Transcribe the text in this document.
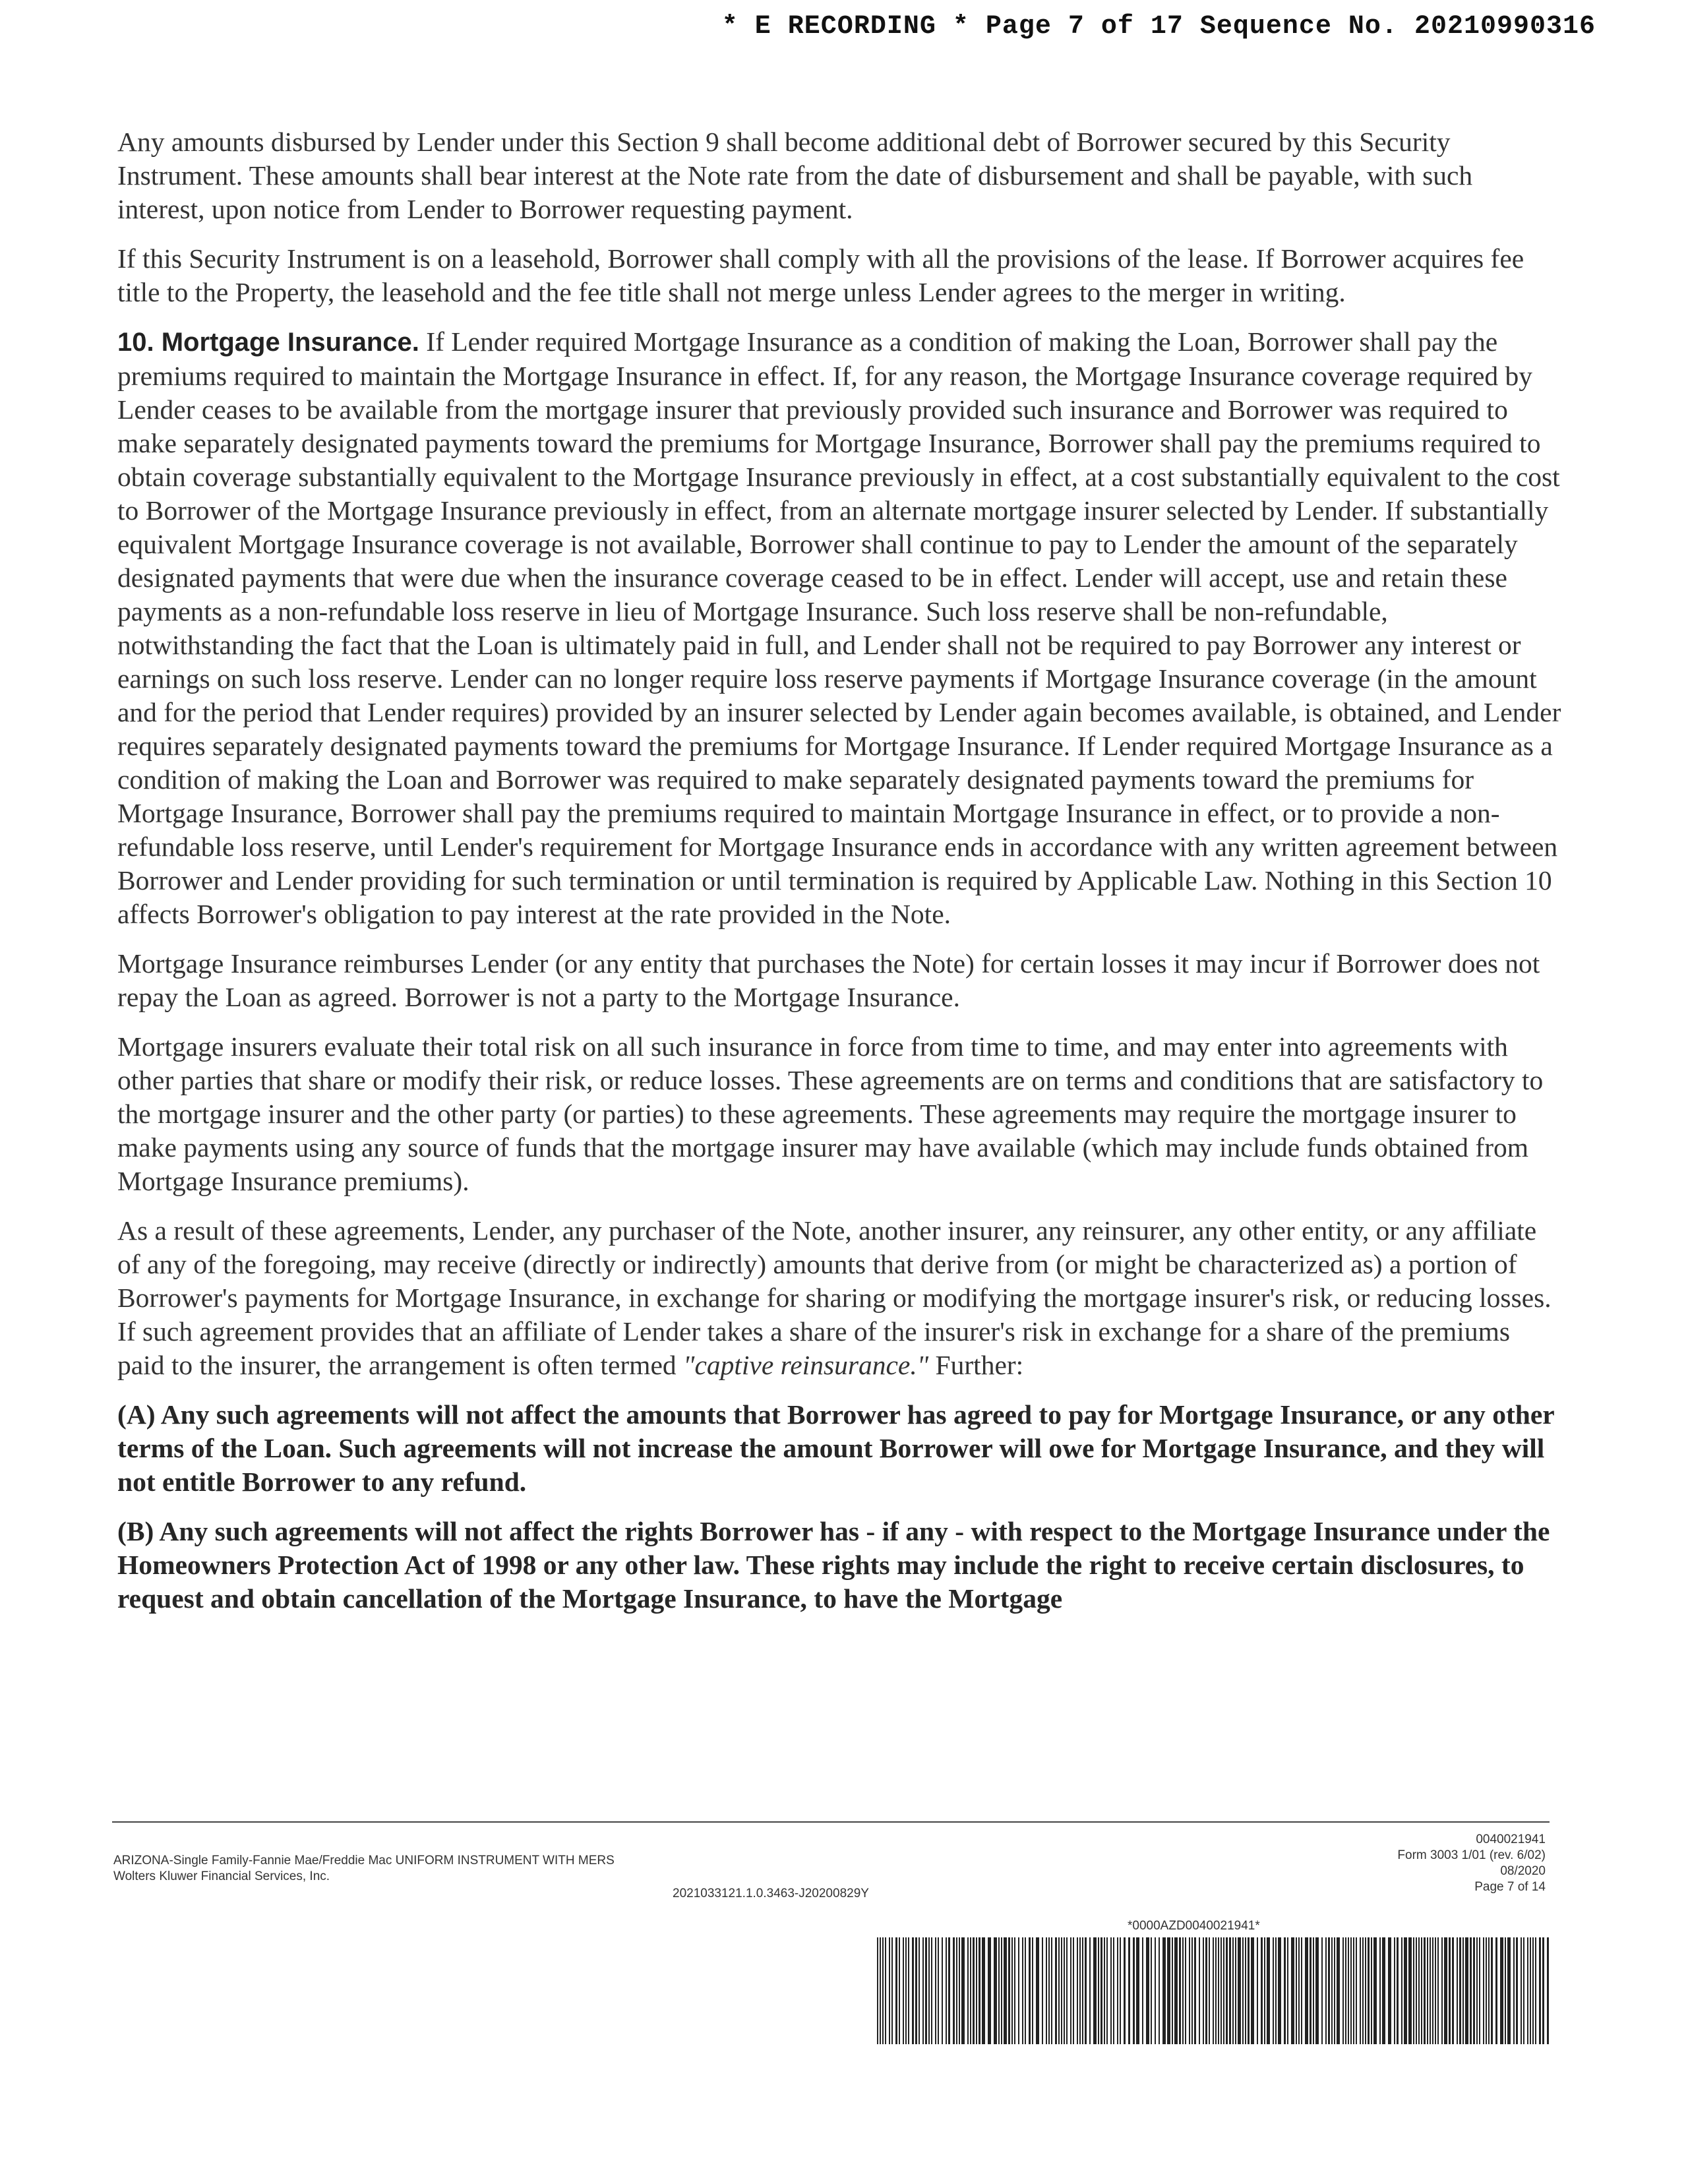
* E RECORDING * Page 7 of 17 Sequence No. 20210990316

Any amounts disbursed by Lender under this Section 9 shall become additional debt of Borrower secured by this Security Instrument. These amounts shall bear interest at the Note rate from the date of disbursement and shall be payable, with such interest, upon notice from Lender to Borrower requesting payment.

If this Security Instrument is on a leasehold, Borrower shall comply with all the provisions of the lease. If Borrower acquires fee title to the Property, the leasehold and the fee title shall not merge unless Lender agrees to the merger in writing.

10. Mortgage Insurance. If Lender required Mortgage Insurance as a condition of making the Loan, Borrower shall pay the premiums required to maintain the Mortgage Insurance in effect. If, for any reason, the Mortgage Insurance coverage required by Lender ceases to be available from the mortgage insurer that previously provided such insurance and Borrower was required to make separately designated payments toward the premiums for Mortgage Insurance, Borrower shall pay the premiums required to obtain coverage substantially equivalent to the Mortgage Insurance previously in effect, at a cost substantially equivalent to the cost to Borrower of the Mortgage Insurance previously in effect, from an alternate mortgage insurer selected by Lender. If substantially equivalent Mortgage Insurance coverage is not available, Borrower shall continue to pay to Lender the amount of the separately designated payments that were due when the insurance coverage ceased to be in effect. Lender will accept, use and retain these payments as a non-refundable loss reserve in lieu of Mortgage Insurance. Such loss reserve shall be non-refundable, notwithstanding the fact that the Loan is ultimately paid in full, and Lender shall not be required to pay Borrower any interest or earnings on such loss reserve. Lender can no longer require loss reserve payments if Mortgage Insurance coverage (in the amount and for the period that Lender requires) provided by an insurer selected by Lender again becomes available, is obtained, and Lender requires separately designated payments toward the premiums for Mortgage Insurance. If Lender required Mortgage Insurance as a condition of making the Loan and Borrower was required to make separately designated payments toward the premiums for Mortgage Insurance, Borrower shall pay the premiums required to maintain Mortgage Insurance in effect, or to provide a non-refundable loss reserve, until Lender's requirement for Mortgage Insurance ends in accordance with any written agreement between Borrower and Lender providing for such termination or until termination is required by Applicable Law. Nothing in this Section 10 affects Borrower's obligation to pay interest at the rate provided in the Note.

Mortgage Insurance reimburses Lender (or any entity that purchases the Note) for certain losses it may incur if Borrower does not repay the Loan as agreed. Borrower is not a party to the Mortgage Insurance.

Mortgage insurers evaluate their total risk on all such insurance in force from time to time, and may enter into agreements with other parties that share or modify their risk, or reduce losses. These agreements are on terms and conditions that are satisfactory to the mortgage insurer and the other party (or parties) to these agreements. These agreements may require the mortgage insurer to make payments using any source of funds that the mortgage insurer may have available (which may include funds obtained from Mortgage Insurance premiums).

As a result of these agreements, Lender, any purchaser of the Note, another insurer, any reinsurer, any other entity, or any affiliate of any of the foregoing, may receive (directly or indirectly) amounts that derive from (or might be characterized as) a portion of Borrower's payments for Mortgage Insurance, in exchange for sharing or modifying the mortgage insurer's risk, or reducing losses. If such agreement provides that an affiliate of Lender takes a share of the insurer's risk in exchange for a share of the premiums paid to the insurer, the arrangement is often termed "captive reinsurance." Further:

(A) Any such agreements will not affect the amounts that Borrower has agreed to pay for Mortgage Insurance, or any other terms of the Loan. Such agreements will not increase the amount Borrower will owe for Mortgage Insurance, and they will not entitle Borrower to any refund.

(B) Any such agreements will not affect the rights Borrower has - if any - with respect to the Mortgage Insurance under the Homeowners Protection Act of 1998 or any other law. These rights may include the right to receive certain disclosures, to request and obtain cancellation of the Mortgage Insurance, to have the Mortgage

ARIZONA-Single Family-Fannie Mae/Freddie Mac UNIFORM INSTRUMENT WITH MERS
Wolters Kluwer Financial Services, Inc.
2021033121.1.0.3463-J20200829Y
0040021941
Form 3003 1/01 (rev. 6/02)
08/2020
Page 7 of 14
*0000AZD0040021941*
